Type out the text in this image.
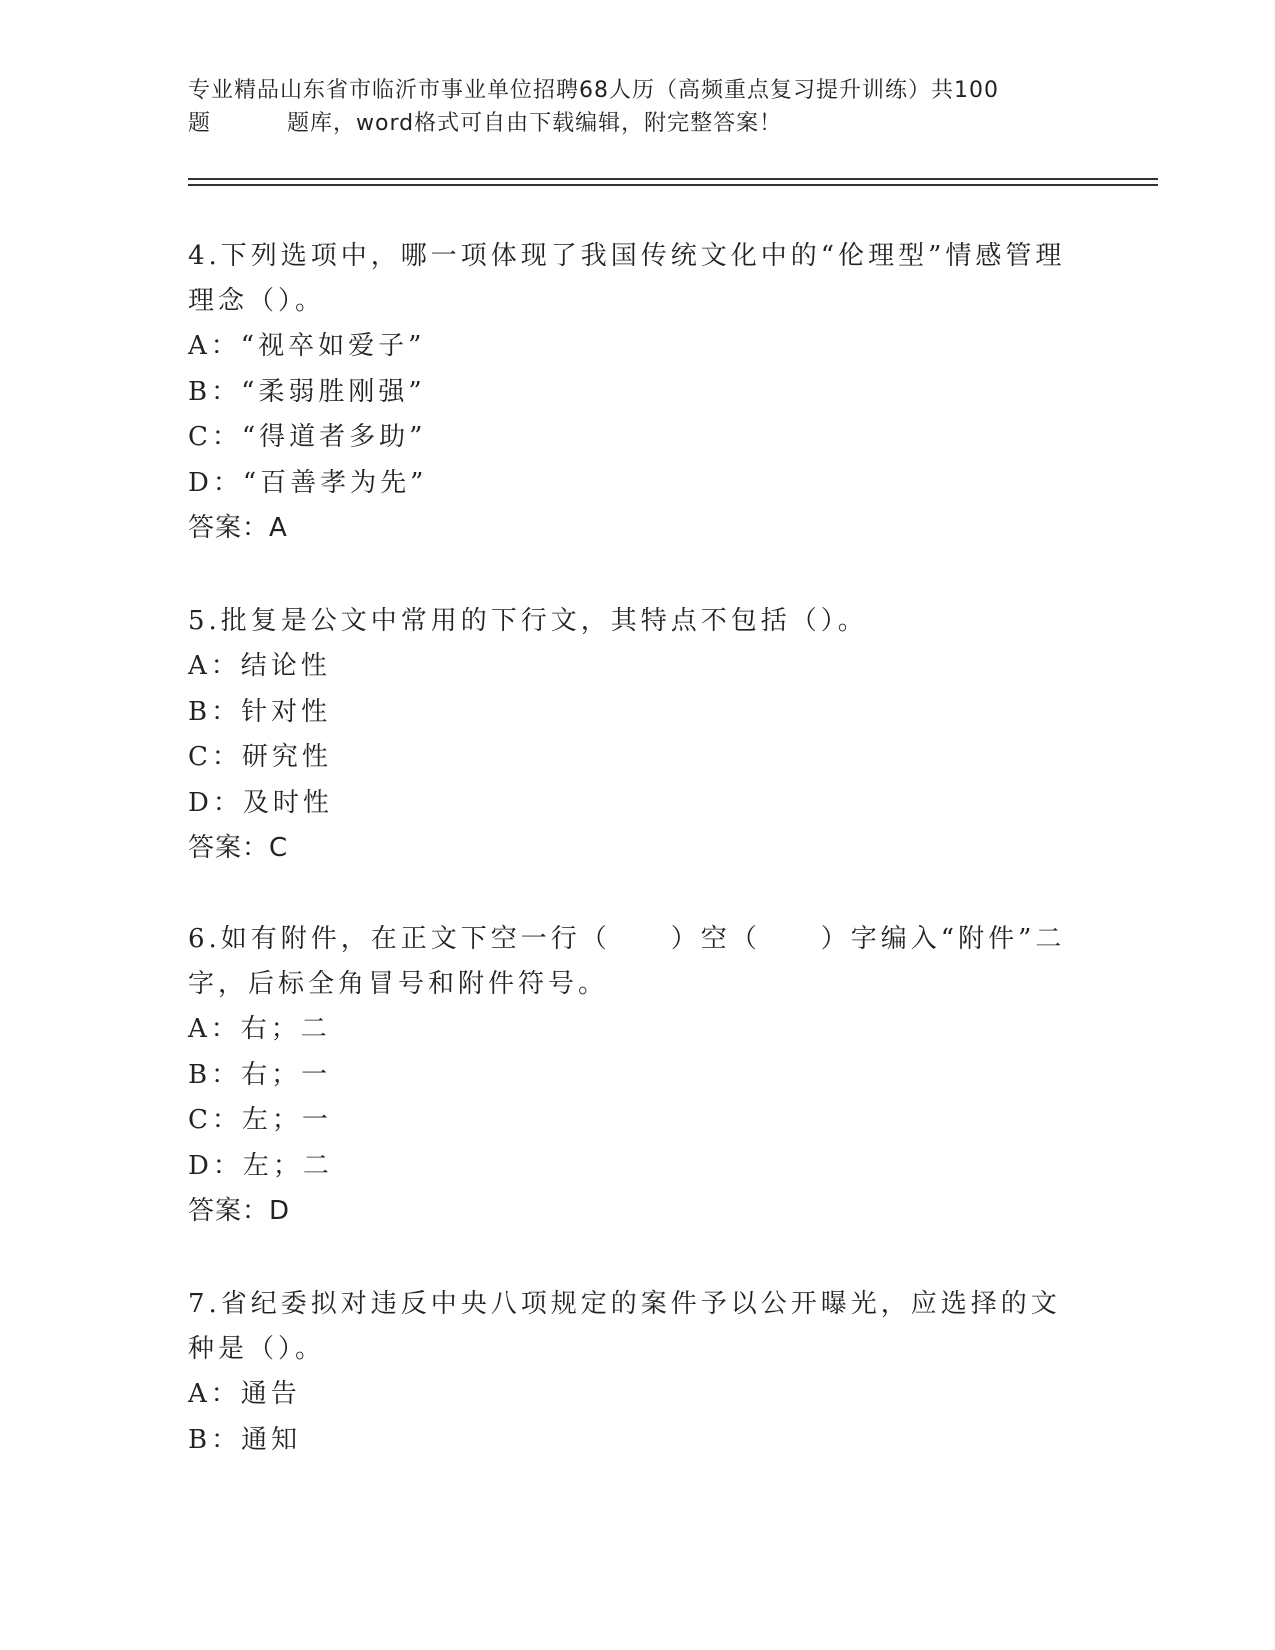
专业精品山东省市临沂市事业单位招聘68人历（高频重点复习提升训练）共100
题	题库，word格式可自由下载编辑，附完整答案！
4.下列选项中，哪一项体现了我国传统文化中的“伦理型”情感管理理念（）。
A：“视卒如爱子”
B：“柔弱胜刚强”
C：“得道者多助”
D：“百善孝为先”
答案：A
5.批复是公文中常用的下行文，其特点不包括（）。
A：结论性
B：针对性
C：研究性
D：及时性
答案：C
6.如有附件，在正文下空一行（　　）空（　　）字编入“附件”二字，后标全角冒号和附件符号。
A：右；二
B：右；一
C：左；一
D：左；二
答案：D
7.省纪委拟对违反中央八项规定的案件予以公开曝光，应选择的文种是（）。
A：通告
B：通知
